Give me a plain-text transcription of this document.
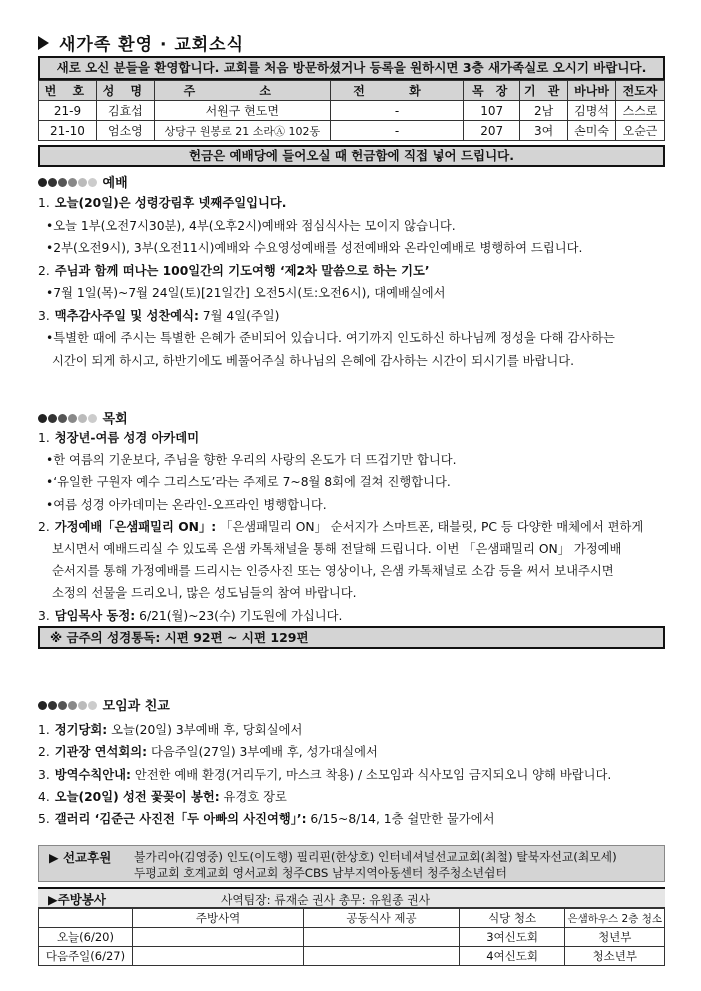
새가족 환영 · 교회소식
새로 오신 분들을 환영합니다. 교회를 처음 방문하셨거나 등록을 원하시면 3층 새가족실로 오시기 바랍니다.
번 호	성 명	주 소	전 화	목 장	기 관	바나바	전도자
21-9	김효섭	서원구 현도면	-	107	2남	김명석	스스로
21-10	엄소영	상당구 원봉로 21 소라Ⓐ 102동	-	207	3여	손미숙	오순근
헌금은 예배당에 들어오실 때 헌금함에 직접 넣어 드립니다.
예배
1. 오늘(20일)은 성령강림후 넷째주일입니다.
•오늘 1부(오전7시30분), 4부(오후2시)예배와 점심식사는 모이지 않습니다.
•2부(오전9시), 3부(오전11시)예배와 수요영성예배를 성전예배와 온라인예배로 병행하여 드립니다.
2. 주님과 함께 떠나는 100일간의 기도여행 ‘제2차 말씀으로 하는 기도’
•7월 1일(목)~7월 24일(토)[21일간] 오전5시(토:오전6시), 대예배실에서
3. 맥추감사주일 및 성찬예식: 7월 4일(주일)
•특별한 때에 주시는 특별한 은혜가 준비되어 있습니다. 여기까지 인도하신 하나님께 정성을 다해 감사하는
시간이 되게 하시고, 하반기에도 베풀어주실 하나님의 은혜에 감사하는 시간이 되시기를 바랍니다.
목회
1. 청장년-여름 성경 아카데미
•한 여름의 기운보다, 주님을 향한 우리의 사랑의 온도가 더 뜨겁기만 합니다.
•‘유일한 구원자 예수 그리스도’라는 주제로 7~8월 8회에 걸쳐 진행합니다.
•여름 성경 아카데미는 온라인-오프라인 병행합니다.
2. 가정예배「은샘패밀리 ON」: 「은샘패밀리 ON」 순서지가 스마트폰, 태블릿, PC 등 다양한 매체에서 편하게
보시면서 예배드리실 수 있도록 은샘 카톡채널을 통해 전달해 드립니다. 이번 「은샘패밀리 ON」 가정예배
순서지를 통해 가정예배를 드리시는 인증사진 또는 영상이나, 은샘 카톡채널로 소감 등을 써서 보내주시면
소정의 선물을 드리오니, 많은 성도님들의 참여 바랍니다.
3. 담임목사 동정: 6/21(월)~23(수) 기도원에 가십니다.
※ 금주의 성경통독: 시편 92편 ~ 시편 129편
모임과 친교
1. 정기당회: 오늘(20일) 3부예배 후, 당회실에서
2. 기관장 연석회의: 다음주일(27일) 3부예배 후, 성가대실에서
3. 방역수칙안내: 안전한 예배 환경(거리두기, 마스크 착용) / 소모임과 식사모임 금지되오니 양해 바랍니다.
4. 오늘(20일) 성전 꽃꽂이 봉헌: 유경호 장로
5. 갤러리 ‘김준근 사진전「두 아빠의 사진여행」’: 6/15~8/14, 1층 쉴만한 물가에서
▶ 선교후원 불가리아(김영중) 인도(이도행) 필리핀(한상호) 인터네셔널선교교회(최철) 탈북자선교(최모세)
두평교회 호계교회 영서교회 청주CBS 남부지역아동센터 청주청소년쉼터
▶주방봉사	사역팀장: 류재순 권사 총무: 유원종 권사
	주방사역	공동식사 제공	식당 청소	은샘하우스 2층 청소
오늘(6/20)			3여신도회	청년부
다음주일(6/27)			4여신도회	청소년부
